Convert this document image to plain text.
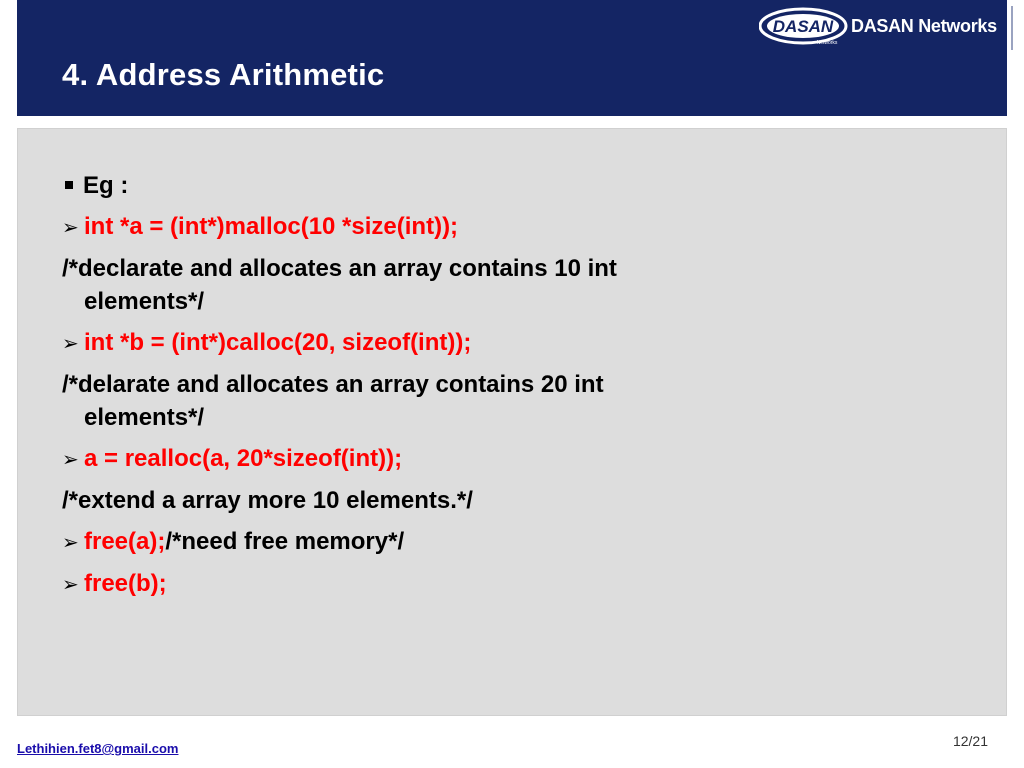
4. Address Arithmetic
DASAN
Networks
DASAN Networks
Eg :
➢ int *a = (int*)malloc(10 *size(int));
/*declarate and allocates an array contains 10 int
elements*/
➢ int *b = (int*)calloc(20, sizeof(int));
/*delarate and allocates an array contains 20 int
elements*/
➢ a = realloc(a, 20*sizeof(int));
/*extend a array more 10 elements.*/
➢ free(a);/*need free memory*/
➢ free(b);
Lethihien.fet8@gmail.com	12/21
